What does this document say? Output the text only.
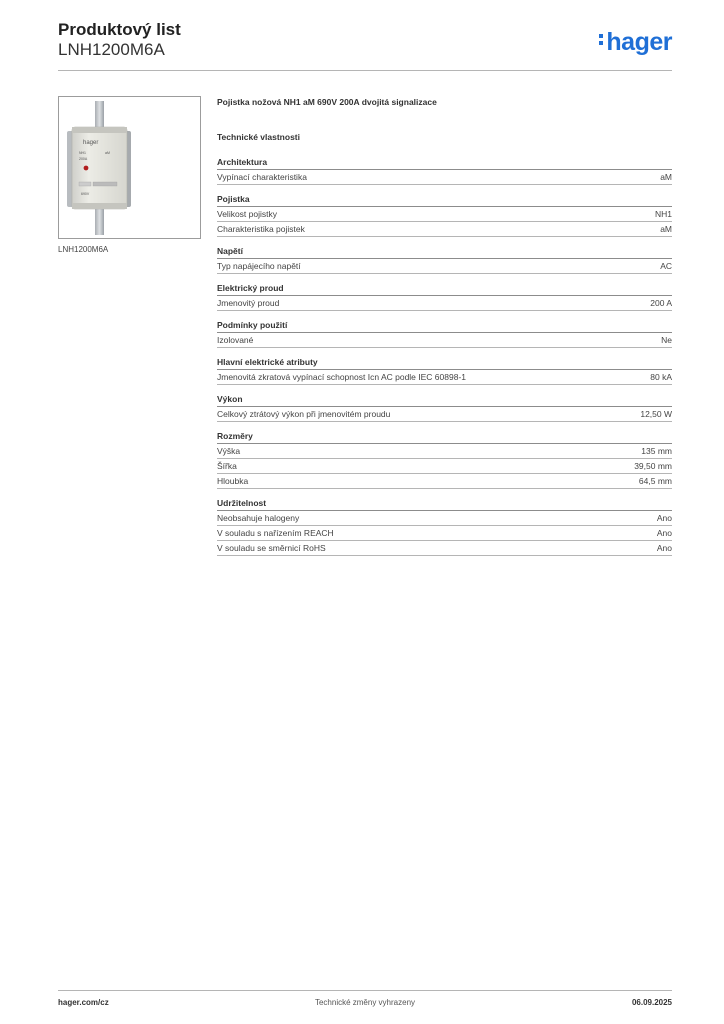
Produktový list
LNH1200M6A	hager
hager
NH1	aM
200A
690V
LNH1200M6A
Pojistka nožová NH1 aM 690V 200A dvojitá signalizace
Technické vlastnosti
Architektura
Vypínací charakteristika	aM
Pojistka
Velikost pojistky	NH1
Charakteristika pojistek	aM
Napětí
Typ napájecího napětí	AC
Elektrický proud
Jmenovitý proud	200 A
Podmínky použití
Izolované	Ne
Hlavní elektrické atributy
Jmenovitá zkratová vypínací schopnost Icn AC podle IEC 60898-1	80 kA
Výkon
Celkový ztrátový výkon při jmenovitém proudu	12,50 W
Rozměry
Výška	135 mm
Šířka	39,50 mm
Hloubka	64,5 mm
Udržitelnost
Neobsahuje halogeny	Ano
V souladu s nařízením REACH	Ano
V souladu se směrnicí RoHS	Ano
hager.com/cz	Technické změny vyhrazeny	06.09.2025
